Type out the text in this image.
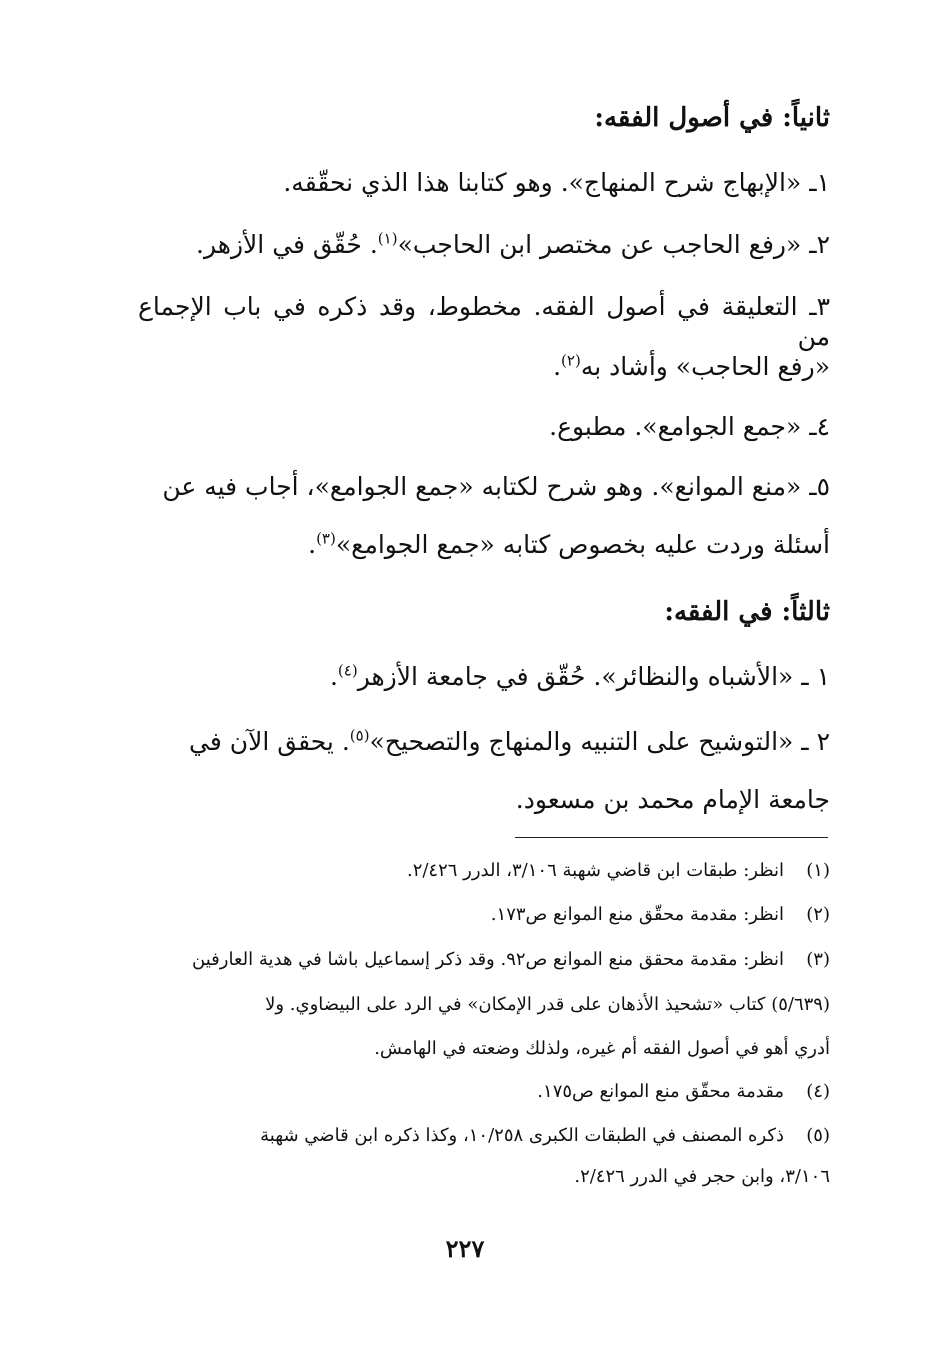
ثانياً: في أصول الفقه:
١ـ «الإبهاج شرح المنهاج». وهو كتابنا هذا الذي نحقّقه.
٢ـ «رفع الحاجب عن مختصر ابن الحاجب»$^{(١)}$. حُقّق في الأزهر.
٣ـ التعليقة في أصول الفقه. مخطوط، وقد ذكره في باب الإجماع من
«رفع الحاجب» وأشاد به$^{(٢)}$.
٤ـ «جمع الجوامع». مطبوع.
٥ـ «منع الموانع». وهو شرح لكتابه «جمع الجوامع»، أجاب فيه عن
أسئلة وردت عليه بخصوص كتابه «جمع الجوامع»$^{(٣)}$.
ثالثاً: في الفقه:
١ ـ «الأشباه والنظائر». حُقّق في جامعة الأزهر$^{(٤)}$.
٢ ـ «التوشيح على التنبيه والمنهاج والتصحيح»$^{(٥)}$. يحقق الآن في
جامعة الإمام محمد بن مسعود.
(١)انظر: طبقات ابن قاضي شهبة ٣/١٠٦، الدرر ٢/٤٢٦.
(٢)انظر: مقدمة محقّق منع الموانع ص١٧٣.
(٣)انظر: مقدمة محقق منع الموانع ص٩٢. وقد ذكر إسماعيل باشا في هدية العارفين
(٥/٦٣٩) كتاب «تشحيذ الأذهان على قدر الإمكان» في الرد على البيضاوي. ولا
أدري أهو في أصول الفقه أم غيره، ولذلك وضعته في الهامش.
(٤)مقدمة محقّق منع الموانع ص١٧٥.
(٥)ذكره المصنف في الطبقات الكبرى ١٠/٢٥٨، وكذا ذكره ابن قاضي شهبة
٣/١٠٦، وابن حجر في الدرر ٢/٤٢٦.
٢٢٧
